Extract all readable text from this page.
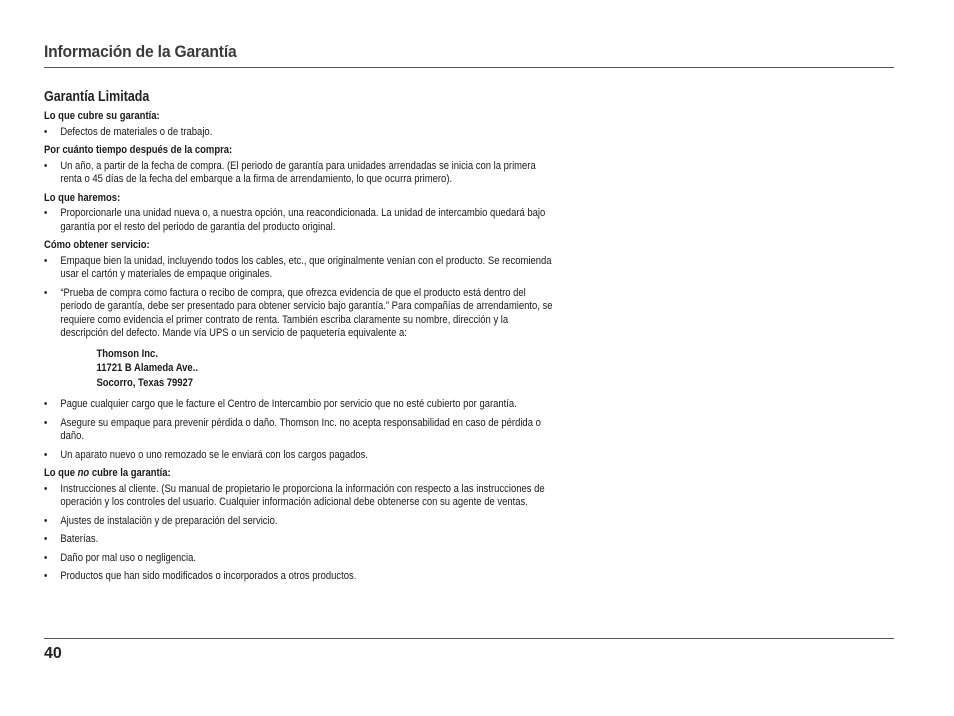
Información de la Garantía
Garantía Limitada
Lo que cubre su garantía:
• Defectos de materiales o de trabajo.
Por cuánto tiempo después de la compra:
• Un año, a partir de la fecha de compra. (El periodo de garantía para unidades arrendadas se inicia con la primera renta o 45 días de la fecha del embarque a la firma de arrendamiento, lo que ocurra primero).
Lo que haremos:
• Proporcionarle una unidad nueva o, a nuestra opción, una reacondicionada. La unidad de intercambio quedará bajo garantía por el resto del periodo de garantía del producto original.
Cómo obtener servicio:
• Empaque bien la unidad, incluyendo todos los cables, etc., que originalmente venían con el producto. Se recomienda usar el cartón y materiales de empaque originales.
• “Prueba de compra como factura o recibo de compra, que ofrezca evidencia de que el producto está dentro del periodo de garantía, debe ser presentado para obtener servicio bajo garantía.” Para compañías de arrendamiento, se requiere como evidencia el primer contrato de renta. También escriba claramente su nombre, dirección y la descripción del defecto. Mande vía UPS o un servicio de paquetería equivalente a:
Thomson Inc.
11721 B Alameda Ave..
Socorro, Texas 79927
• Pague cualquier cargo que le facture el Centro de Intercambio por servicio que no esté cubierto por garantía.
• Asegure su empaque para prevenir pérdida o daño. Thomson Inc. no acepta responsabilidad en caso de pérdida o daño.
• Un aparato nuevo o uno remozado se le enviará con los cargos pagados.
Lo que no cubre la garantía:
• Instrucciones al cliente. (Su manual de propietario le proporciona la información con respecto a las instrucciones de operación y los controles del usuario. Cualquier información adicional debe obtenerse con su agente de ventas.
• Ajustes de instalación y de preparación del servicio.
• Baterías.
• Daño por mal uso o negligencia.
• Productos que han sido modificados o incorporados a otros productos.
40
